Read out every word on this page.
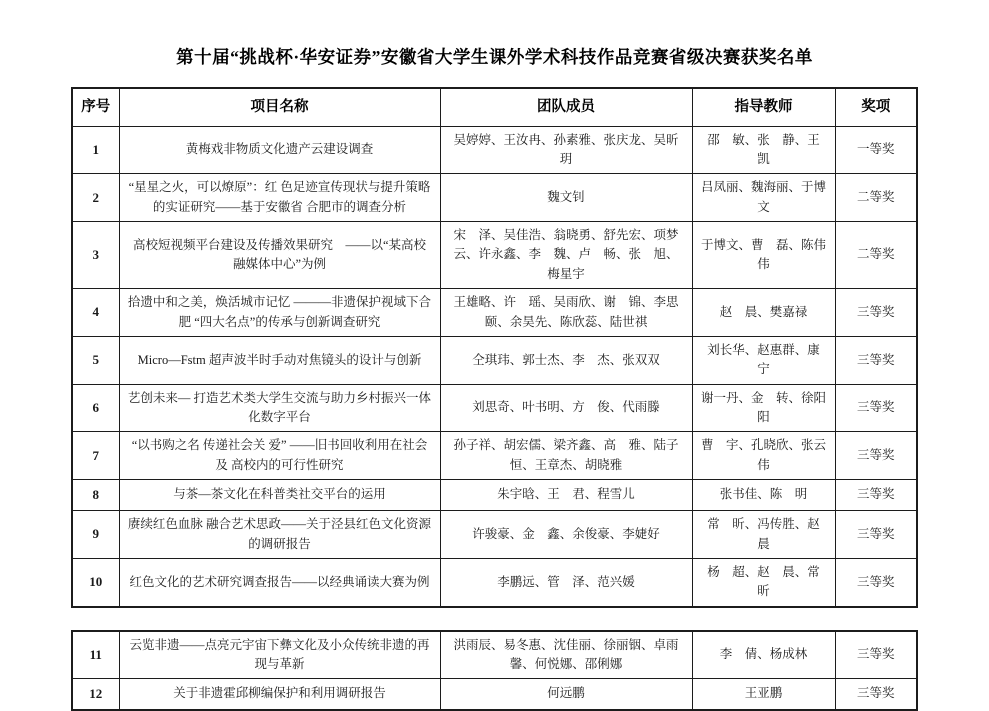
第十届“挑战杯·华安证券”安徽省大学生课外学术科技作品竞赛省级决赛获奖名单
序号	项目名称	团队成员	指导教师	奖项
1	黄梅戏非物质文化遗产云建设调查	吴婷婷、王汝冉、孙素雅、张庆龙、吴昕玥	邵　敏、张　静、王　凯	一等奖
2	“星星之火，可以燎原”：红 色足迹宣传现状与提升策略的实证研究——基于安徽省 合肥市的调查分析	魏文钊	吕凤丽、魏海丽、于博文	二等奖
3	高校短视频平台建设及传播效果研究　——以“某高校融媒体中心”为例	宋　泽、吴佳浩、翁晓勇、舒先宏、项梦云、许永鑫、李　魏、卢　畅、张　旭、梅星宇	于博文、曹　磊、陈伟伟	二等奖
4	拾遗中和之美，焕活城市记忆 ———非遗保护视域下合肥 “四大名点”的传承与创新调查研究	王雄略、许　瑶、吴雨欣、谢　锦、李思颐、余昊先、陈欣蕊、陆世祺	赵　晨、樊嘉禄	三等奖
5	Micro—Fstm 超声波半时手动对焦镜头的设计与创新	仝琪玮、郭士杰、李　杰、张双双	刘长华、赵惠群、康　宁	三等奖
6	艺创未来— 打造艺术类大学生交流与助力乡村振兴一体化数字平台	刘思奇、叶书明、方　俊、代雨滕	谢一丹、金　转、徐阳阳	三等奖
7	“以书购之名 传递社会关 爱” ——旧书回收利用在社会及 高校内的可行性研究	孙子祥、胡宏儒、梁齐鑫、高　雅、陆子恒、王章杰、胡晓雅	曹　宇、孔晓欣、张云伟	三等奖
8	与茶—茶文化在科普类社交平台的运用	朱宇晗、王　君、程雪儿	张书佳、陈　明	三等奖
9	赓续红色血脉 融合艺术思政——关于泾县红色文化资源的调研报告	许骏豪、金　鑫、余俊豪、李婕好	常　昕、冯传胜、赵　晨	三等奖
10	红色文化的艺术研究调查报告——以经典诵读大赛为例	李鹏远、管　泽、范兴媛	杨　超、赵　晨、常　昕	三等奖
11	云览非遗——点亮元宇宙下彝文化及小众传统非遗的再现与革新	洪雨辰、易冬惠、沈佳丽、徐丽铟、卓雨馨、何悦娜、邵俐娜	李　倩、杨成林	三等奖
12	关于非遗霍邱柳编保护和利用调研报告	何远鹏	王亚鹏	三等奖
